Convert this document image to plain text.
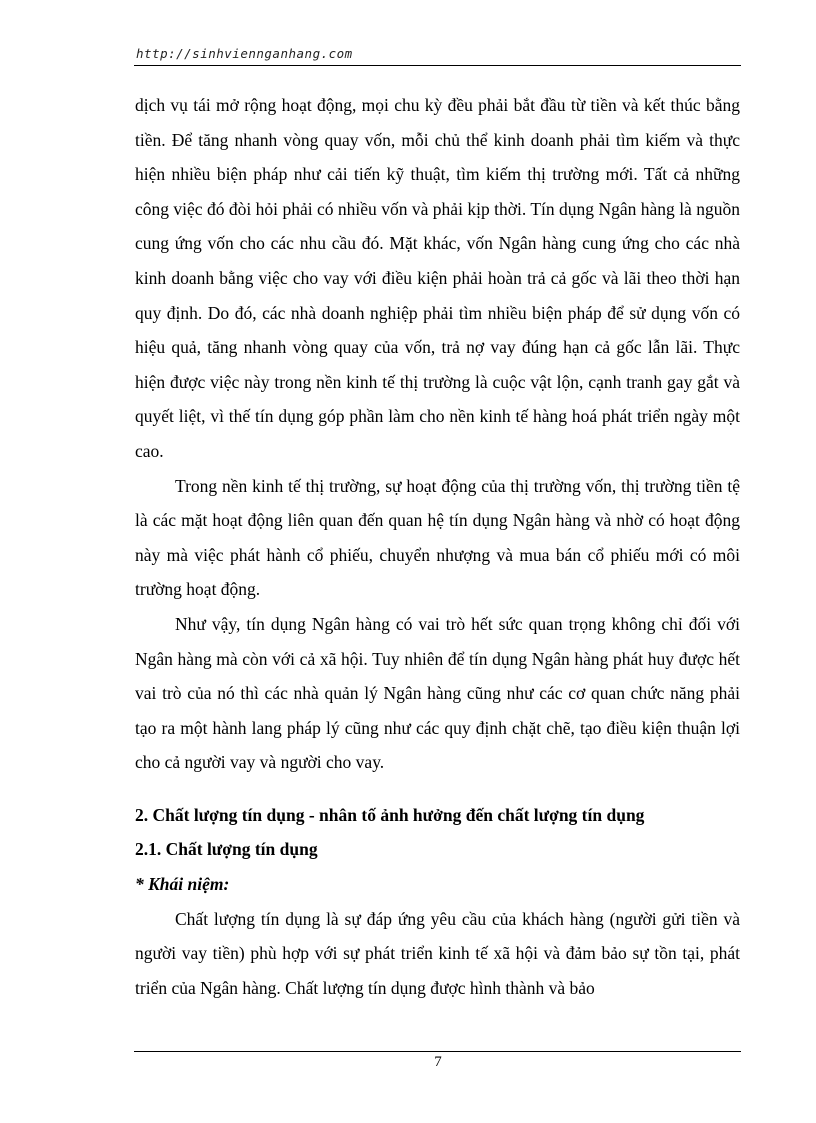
http://sinhviennganhang.com

dịch vụ tái mở rộng hoạt động, mọi chu kỳ đều phải bắt đầu từ tiền và kết thúc bằng tiền. Để tăng nhanh vòng quay vốn, mỗi chủ thể kinh doanh phải tìm kiếm và thực hiện nhiều biện pháp như cải tiến kỹ thuật, tìm kiếm thị trường mới. Tất cả những công việc đó đòi hỏi phải có nhiều vốn và phải kịp thời. Tín dụng Ngân hàng là nguồn cung ứng vốn cho các nhu cầu đó. Mặt khác, vốn Ngân hàng cung ứng cho các nhà kinh doanh bằng việc cho vay với điều kiện phải hoàn trả cả gốc và lãi theo thời hạn quy định. Do đó, các nhà doanh nghiệp phải tìm nhiều biện pháp để sử dụng vốn có hiệu quả, tăng nhanh vòng quay của vốn, trả nợ vay đúng hạn cả gốc lẫn lãi. Thực hiện được việc này trong nền kinh tế thị trường là cuộc vật lộn, cạnh tranh gay gắt và quyết liệt, vì thế tín dụng góp phần làm cho nền kinh tế hàng hoá phát triển ngày một cao.

Trong nền kinh tế thị trường, sự hoạt động của thị trường vốn, thị trường tiền tệ là các mặt hoạt động liên quan đến quan hệ tín dụng Ngân hàng và nhờ có hoạt động này mà việc phát hành cổ phiếu, chuyển nhượng và mua bán cổ phiếu mới có môi trường hoạt động.

Như vậy, tín dụng Ngân hàng có vai trò hết sức quan trọng không chỉ đối với Ngân hàng mà còn với cả xã hội. Tuy nhiên để tín dụng Ngân hàng phát huy được hết vai trò của nó thì các nhà quản lý Ngân hàng cũng như các cơ quan chức năng phải tạo ra một hành lang pháp lý cũng như các quy định chặt chẽ, tạo điều kiện thuận lợi cho cả người vay và người cho vay.

2. Chất lượng tín dụng - nhân tố ảnh hưởng đến chất lượng tín dụng

2.1. Chất lượng tín dụng

* Khái niệm:

Chất lượng tín dụng là sự đáp ứng yêu cầu của khách hàng (người gửi tiền và người vay tiền) phù hợp với sự phát triển kinh tế xã hội và đảm bảo sự tồn tại, phát triển của Ngân hàng. Chất lượng tín dụng được hình thành và bảo

7
